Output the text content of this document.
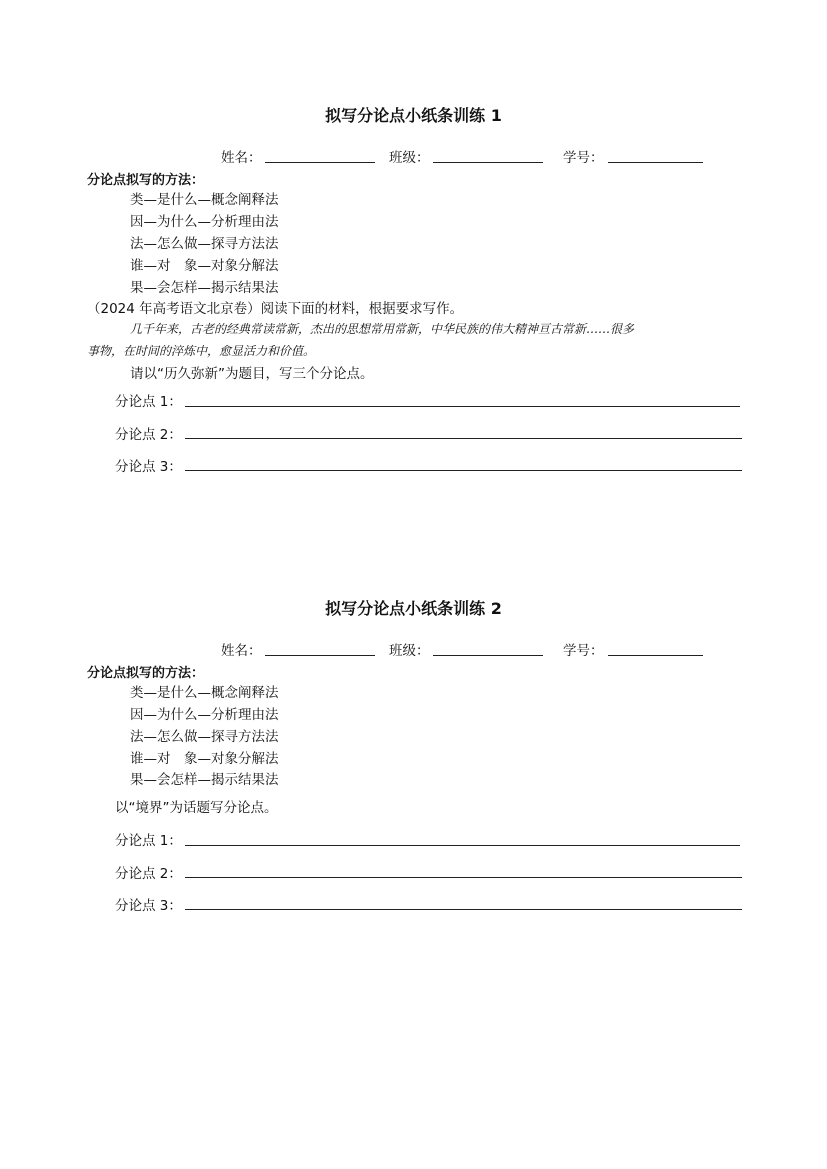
拟写分论点小纸条训练 1
姓名：	班级：	学号：
分论点拟写的方法：
类—是什么—概念阐释法
因—为什么—分析理由法
法—怎么做—探寻方法法
谁—对　象—对象分解法
果—会怎样—揭示结果法
（2024 年高考语文北京卷）阅读下面的材料，根据要求写作。
几千年来，古老的经典常读常新，杰出的思想常用常新，中华民族的伟大精神亘古常新……很多
事物，在时间的淬炼中，愈显活力和价值。
请以“历久弥新”为题目，写三个分论点。
分论点 1：
分论点 2：
分论点 3：
拟写分论点小纸条训练 2
姓名：	班级：	学号：
分论点拟写的方法：
类—是什么—概念阐释法
因—为什么—分析理由法
法—怎么做—探寻方法法
谁—对　象—对象分解法
果—会怎样—揭示结果法
以“境界”为话题写分论点。
分论点 1：
分论点 2：
分论点 3：
